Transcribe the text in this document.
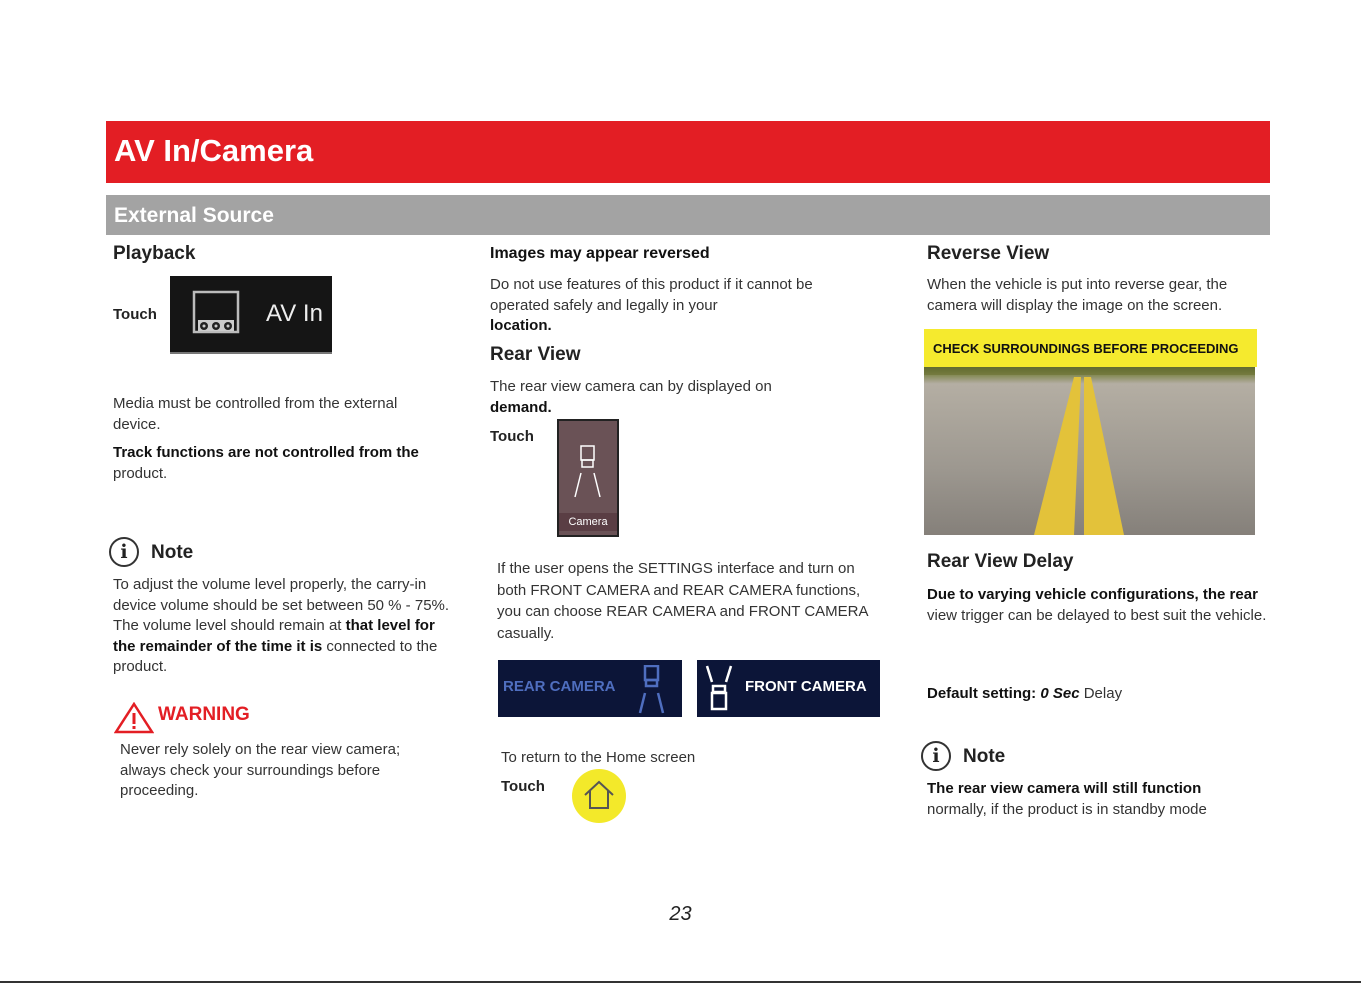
AV In/Camera
External Source
Playback
Touch	AV In
Media must be controlled from the external device.
Track functions are not controlled from the
product.
i	Note
To adjust the volume level properly, the carry-in device volume should be set between 50 % - 75%. The volume level should remain at that level for the remainder of the time it is connected to the product.
WARNING
Never rely solely on the rear view camera; always check your surroundings before proceeding.
Images may appear reversed
Do not use features of this product if it cannot be operated safely and legally in your
location.
Rear View
The rear view camera can by displayed on
demand.
Touch
Camera
If the user opens the SETTINGS interface and turn on both FRONT CAMERA and REAR CAMERA functions, you can choose REAR CAMERA and FRONT CAMERA casually.
REAR CAMERA	FRONT CAMERA
To return to the Home screen
Touch
Reverse View
When the vehicle is put into reverse gear, the camera will display the image on the screen.
CHECK SURROUNDINGS BEFORE PROCEEDING
Rear View Delay
Due to varying vehicle configurations, the rear
view trigger can be delayed to best suit the vehicle.
Default setting: 0 Sec Delay
i	Note
The rear view camera will still function
normally, if the product is in standby mode
23
